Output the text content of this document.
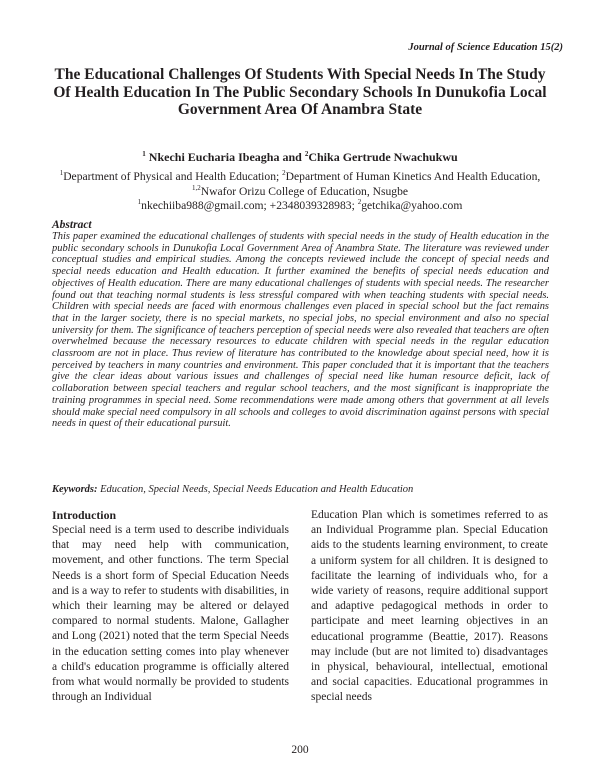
Journal of Science Education 15(2)
The Educational Challenges Of Students With Special Needs In The Study Of Health Education In The Public Secondary Schools In Dunukofia Local Government Area Of Anambra State
$^1$ Nkechi Eucharia Ibeagha and $^2$Chika Gertrude Nwachukwu
$^1$Department of Physical and Health Education; $^2$Department of Human Kinetics And Health Education,
$^{1,2}$Nwafor Orizu College of Education, Nsugbe
$^1$nkechiiba988@gmail.com; +2348039328983; $^2$getchika@yahoo.com
Abstract

This paper examined the educational challenges of students with special needs in the study of Health education in the public secondary schools in Dunukofia Local Government Area of Anambra State. The literature was reviewed under conceptual studies and empirical studies. Among the concepts reviewed include the concept of special needs and special needs education and Health education. It further examined the benefits of special needs education and objectives of Health education. There are many educational challenges of students with special needs. The researcher found out that teaching normal students is less stressful compared with when teaching students with special needs. Children with special needs are faced with enormous challenges even placed in special school but the fact remains that in the larger society, there is no special markets, no special jobs, no special environment and also no special university for them. The significance of teachers perception of special needs were also revealed that teachers are often overwhelmed because the necessary resources to educate children with special needs in the regular education classroom are not in place. Thus review of literature has contributed to the knowledge about special need, how it is perceived by teachers in many countries and environment. This paper concluded that it is important that the teachers give the clear ideas about various issues and challenges of special need like human resource deficit, lack of collaboration between special teachers and regular school teachers, and the most significant is inappropriate the training programmes in special need. Some recommendations were made among others that government at all levels should make special need compulsory in all schools and colleges to avoid discrimination against persons with special needs in quest of their educational pursuit.

Keywords: Education, Special Needs, Special Needs Education and Health Education
Introduction

Special need is a term used to describe individuals that may need help with communication, movement, and other functions. The term Special Needs is a short form of Special Education Needs and is a way to refer to students with disabilities, in which their learning may be altered or delayed compared to normal students. Malone, Gallagher and Long (2021) noted that the term Special Needs in the education setting comes into play whenever a child's education programme is officially altered from what would normally be provided to students through an Individual

Education Plan which is sometimes referred to as an Individual Programme plan. Special Education aids to the students learning environment, to create a uniform system for all children. It is designed to facilitate the learning of individuals who, for a wide variety of reasons, require additional support and adaptive pedagogical methods in order to participate and meet learning objectives in an educational programme (Beattie, 2017). Reasons may include (but are not limited to) disadvantages in physical, behavioural, intellectual, emotional and social capacities. Educational programmes in special needs

200
